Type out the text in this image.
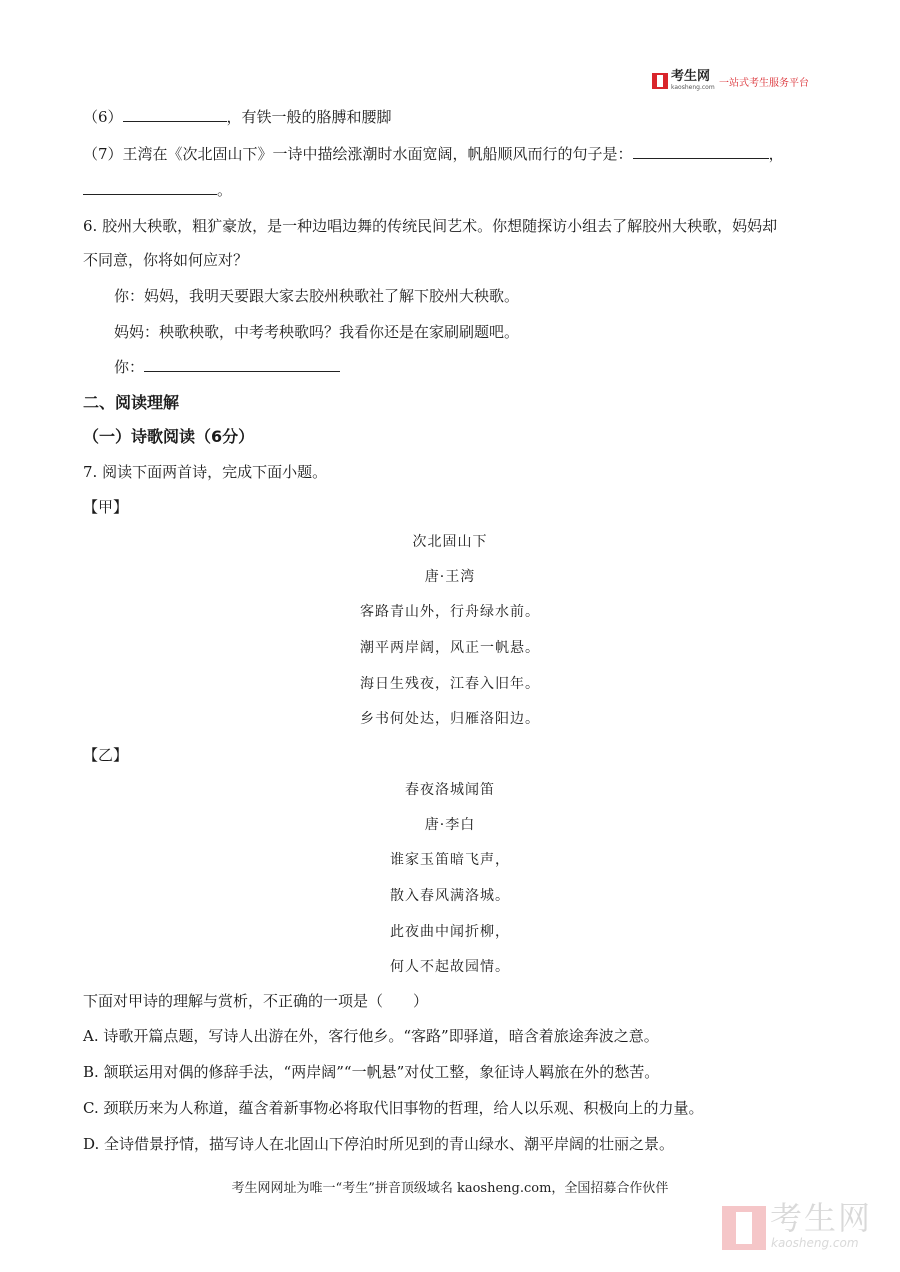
考生网
kaosheng.com 一站式考生服务平台
（6）	，有铁一般的胳膊和腰脚
（7）王湾在《次北固山下》一诗中描绘涨潮时水面宽阔，帆船顺风而行的句子是：	，
。
6. 胶州大秧歌，粗犷豪放，是一种边唱边舞的传统民间艺术。你想随探访小组去了解胶州大秧歌，妈妈却
不同意，你将如何应对？
你：妈妈，我明天要跟大家去胶州秧歌社了解下胶州大秧歌。
妈妈：秧歌秧歌，中考考秧歌吗？我看你还是在家刷刷题吧。
你：
二、阅读理解
（一）诗歌阅读（6分）
7. 阅读下面两首诗，完成下面小题。
【甲】
次北固山下
唐·王湾
客路青山外，行舟绿水前。
潮平两岸阔，风正一帆悬。
海日生残夜，江春入旧年。
乡书何处达，归雁洛阳边。
【乙】
春夜洛城闻笛
唐·李白
谁家玉笛暗飞声，
散入春风满洛城。
此夜曲中闻折柳，
何人不起故园情。
下面对甲诗的理解与赏析，不正确的一项是（　　）
A. 诗歌开篇点题，写诗人出游在外，客行他乡。“客路”即驿道，暗含着旅途奔波之意。
B. 颔联运用对偶的修辞手法，“两岸阔”“一帆悬”对仗工整，象征诗人羁旅在外的愁苦。
C. 颈联历来为人称道，蕴含着新事物必将取代旧事物的哲理，给人以乐观、积极向上的力量。
D. 全诗借景抒情，描写诗人在北固山下停泊时所见到的青山绿水、潮平岸阔的壮丽之景。
考生网网址为唯一“考生”拼音顶级域名 kaosheng.com，全国招募合作伙伴
考生网
kaosheng.com
